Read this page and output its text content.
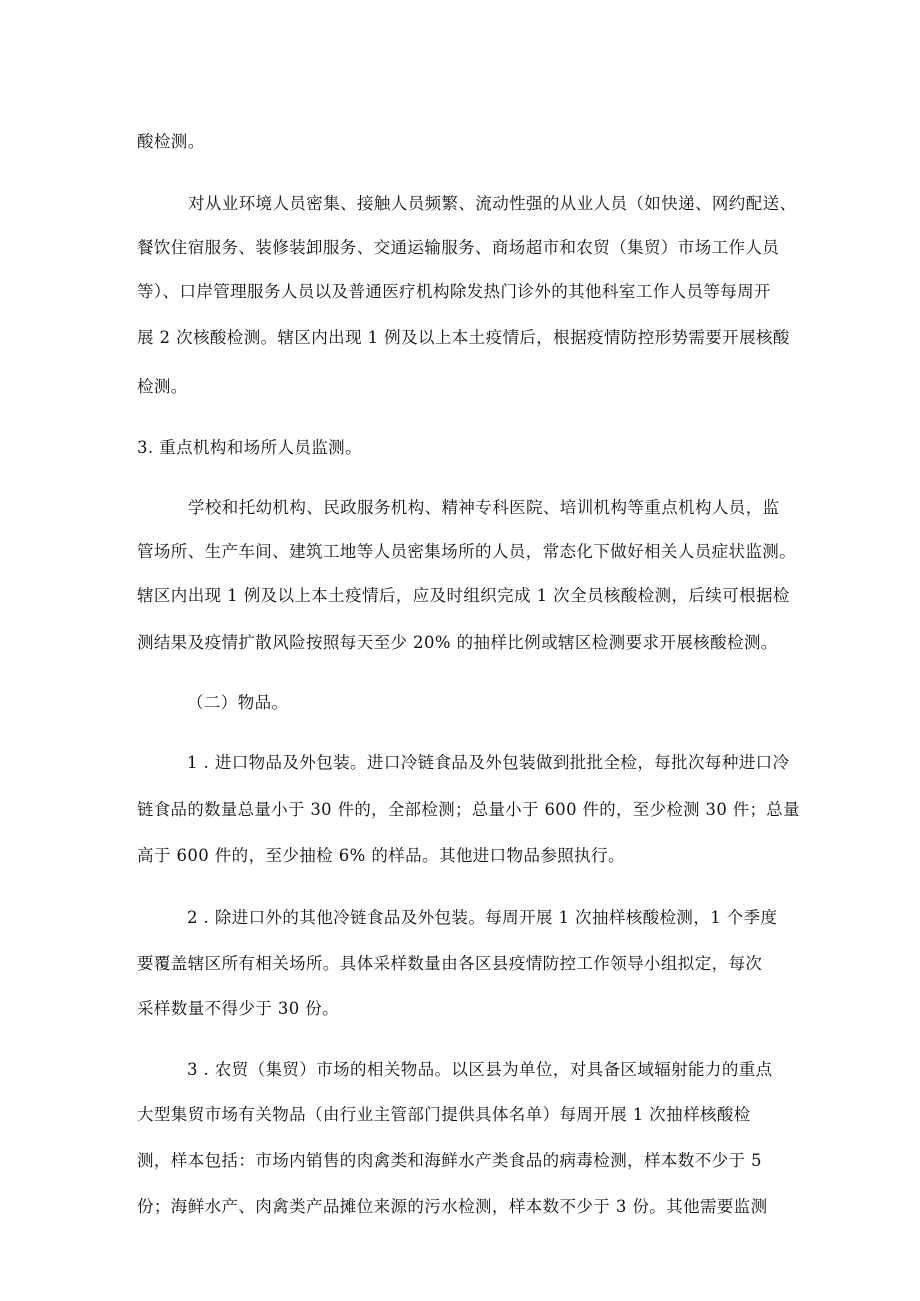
酸检测。
对从业环境人员密集、接触人员频繁、流动性强的从业人员（如快递、网约配送、
餐饮住宿服务、装修装卸服务、交通运输服务、商场超市和农贸（集贸）市场工作人员
等）、口岸管理服务人员以及普通医疗机构除发热门诊外的其他科室工作人员等每周开
展 2 次核酸检测。辖区内出现 1 例及以上本土疫情后，根据疫情防控形势需要开展核酸
检测。
3. 重点机构和场所人员监测。
学校和托幼机构、民政服务机构、精神专科医院、培训机构等重点机构人员，监
管场所、生产车间、建筑工地等人员密集场所的人员，常态化下做好相关人员症状监测。
辖区内出现 1 例及以上本土疫情后，应及时组织完成 1 次全员核酸检测，后续可根据检
测结果及疫情扩散风险按照每天至少 20% 的抽样比例或辖区检测要求开展核酸检测。
（二）物品。
1 . 进口物品及外包装。进口冷链食品及外包装做到批批全检，每批次每种进口冷
链食品的数量总量小于 30 件的，全部检测；总量小于 600 件的，至少检测 30 件；总量
高于 600 件的，至少抽检 6% 的样品。其他进口物品参照执行。
2 . 除进口外的其他冷链食品及外包装。每周开展 1 次抽样核酸检测，1 个季度
要覆盖辖区所有相关场所。具体采样数量由各区县疫情防控工作领导小组拟定，每次
采样数量不得少于 30 份。
3 . 农贸（集贸）市场的相关物品。以区县为单位，对具备区域辐射能力的重点
大型集贸市场有关物品（由行业主管部门提供具体名单）每周开展 1 次抽样核酸检
测，样本包括：市场内销售的肉禽类和海鲜水产类食品的病毒检测，样本数不少于 5
份；海鲜水产、肉禽类产品摊位来源的污水检测，样本数不少于 3 份。其他需要监测
